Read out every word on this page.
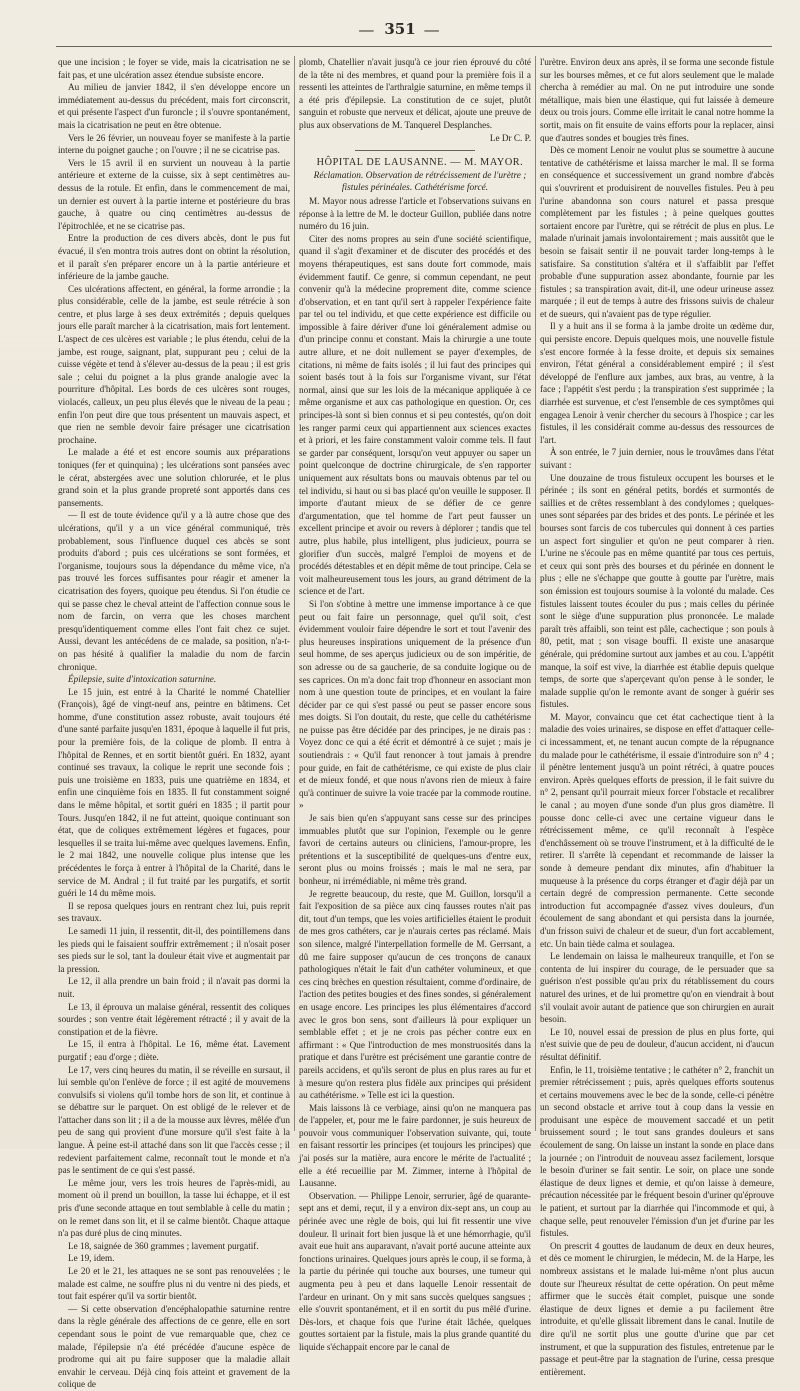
— 351 —

que une incision ; le foyer se vide, mais la cicatrisation ne se fait pas, et une ulcération assez étendue subsiste encore.

Au milieu de janvier 1842, il s'en développe encore un immédiatement au-dessus du précédent, mais fort circonscrit, et qui présente l'aspect d'un furoncle ; il s'ouvre spontanément, mais la cicatrisation ne peut en être obtenue.

Vers le 26 février, un nouveau foyer se manifeste à la partie interne du poignet gauche ; on l'ouvre ; il ne se cicatrise pas.

Vers le 15 avril il en survient un nouveau à la partie antérieure et externe de la cuisse, six à sept centimètres au-dessus de la rotule. Et enfin, dans le commencement de mai, un dernier est ouvert à la partie interne et postérieure du bras gauche, à quatre ou cinq centimètres au-dessus de l'épitrochlée, et ne se cicatrise pas.

Entre la production de ces divers abcès, dont le pus fut évacué, il s'en montra trois autres dont on obtint la résolution, et il paraît s'en préparer encore un à la partie antérieure et inférieure de la jambe gauche.

Ces ulcérations affectent, en général, la forme arrondie ; la plus considérable, celle de la jambe, est seule rétrécie à son centre, et plus large à ses deux extrémités ; depuis quelques jours elle paraît marcher à la cicatrisation, mais fort lentement. L'aspect de ces ulcères est variable ; le plus étendu, celui de la jambe, est rouge, saignant, plat, suppurant peu ; celui de la cuisse végète et tend à s'élever au-dessus de la peau ; il est gris sale ; celui du poignet a la plus grande analogie avec la pourriture d'hôpital. Les bords de ces ulcères sont rouges, violacés, calleux, un peu plus élevés que le niveau de la peau ; enfin l'on peut dire que tous présentent un mauvais aspect, et que rien ne semble devoir faire présager une cicatrisation prochaine.

Le malade a été et est encore soumis aux préparations toniques (fer et quinquina) ; les ulcérations sont pansées avec le cérat, abstergées avec une solution chlorurée, et le plus grand soin et la plus grande propreté sont apportés dans ces pansements.

— Il est de toute évidence qu'il y a là autre chose que des ulcérations, qu'il y a un vice général communiqué, très probablement, sous l'influence duquel ces abcès se sont produits d'abord ; puis ces ulcérations se sont formées, et l'organisme, toujours sous la dépendance du même vice, n'a pas trouvé les forces suffisantes pour réagir et amener la cicatrisation des foyers, quoique peu étendus. Si l'on étudie ce qui se passe chez le cheval atteint de l'affection connue sous le nom de farcin, on verra que les choses marchent presqu'identiquement comme elles l'ont fait chez ce sujet. Aussi, devant les antécédens de ce malade, sa position, n'a-t-on pas hésité à qualifier la maladie du nom de farcin chronique.

Épilepsie, suite d'intoxication saturnine.

Le 15 juin, est entré à la Charité le nommé Chatellier (François), âgé de vingt-neuf ans, peintre en bâtimens. Cet homme, d'une constitution assez robuste, avait toujours été d'une santé parfaite jusqu'en 1831, époque à laquelle il fut pris, pour la première fois, de la colique de plomb. Il entra à l'hôpital de Rennes, et en sortit bientôt guéri. En 1832, ayant continué ses travaux, la colique le reprit une seconde fois ; puis une troisième en 1833, puis une quatrième en 1834, et enfin une cinquième fois en 1835. Il fut constamment soigné dans le même hôpital, et sortit guéri en 1835 ; il partit pour Tours. Jusqu'en 1842, il ne fut atteint, quoique continuant son état, que de coliques extrêmement légères et fugaces, pour lesquelles il se traita lui-même avec quelques lavemens. Enfin, le 2 mai 1842, une nouvelle colique plus intense que les précédentes le força à entrer à l'hôpital de la Charité, dans le service de M. Andral ; il fut traité par les purgatifs, et sortit guéri le 14 du même mois.

Il se reposa quelques jours en rentrant chez lui, puis reprit ses travaux.

Le samedi 11 juin, il ressentit, dit-il, des pointillemens dans les pieds qui le faisaient souffrir extrêmement ; il n'osait poser ses pieds sur le sol, tant la douleur était vive et augmentait par la pression.

Le 12, il alla prendre un bain froid ; il n'avait pas dormi la nuit.

Le 13, il éprouva un malaise général, ressentit des coliques sourdes ; son ventre était légèrement rétracté ; il y avait de la constipation et de la fièvre.

Le 15, il entra à l'hôpital. Le 16, même état. Lavement purgatif ; eau d'orge ; diète.

Le 17, vers cinq heures du matin, il se réveille en sursaut, il lui semble qu'on l'enlève de force ; il est agité de mouvemens convulsifs si violens qu'il tombe hors de son lit, et continue à se débattre sur le parquet. On est obligé de le relever et de l'attacher dans son lit ; il a de la mousse aux lèvres, mêlée d'un peu de sang qui provient d'une morsure qu'il s'est faite à la langue. À peine est-il attaché dans son lit que l'accès cesse ; il redevient parfaitement calme, reconnaît tout le monde et n'a pas le sentiment de ce qui s'est passé.

Le même jour, vers les trois heures de l'après-midi, au moment où il prend un bouillon, la tasse lui échappe, et il est pris d'une seconde attaque en tout semblable à celle du matin ; on le remet dans son lit, et il se calme bientôt. Chaque attaque n'a pas duré plus de cinq minutes.

Le 18, saignée de 360 grammes ; lavement purgatif.

Le 19, idem.

Le 20 et le 21, les attaques ne se sont pas renouvelées ; le malade est calme, ne souffre plus ni du ventre ni des pieds, et tout fait espérer qu'il va sortir bientôt.

— Si cette observation d'encéphalopathie saturnine rentre dans la règle générale des affections de ce genre, elle en sort cependant sous le point de vue remarquable que, chez ce malade, l'épilepsie n'a été précédée d'aucune espèce de prodrome qui ait pu faire supposer que la maladie allait envahir le cerveau. Déjà cinq fois atteint et gravement de la colique de

plomb, Chatellier n'avait jusqu'à ce jour rien éprouvé du côté de la tête ni des membres, et quand pour la première fois il a ressenti les atteintes de l'arthralgie saturnine, en même temps il a été pris d'épilepsie. La constitution de ce sujet, plutôt sanguin et robuste que nerveux et délicat, ajoute une preuve de plus aux observations de M. Tanquerel Desplanches.

Le Dr C. P.

HÔPITAL DE LAUSANNE. — M. MAYOR.

Réclamation. Observation de rétrécissement de l'urètre ; fistules périnéales. Cathétérisme forcé.

M. Mayor nous adresse l'article et l'observations suivans en réponse à la lettre de M. le docteur Guillon, publiée dans notre numéro du 16 juin.

Citer des noms propres au sein d'une société scientifique, quand il s'agit d'examiner et de discuter des procédés et des moyens thérapeutiques, est sans doute fort commode, mais évidemment fautif. Ce genre, si commun cependant, ne peut convenir qu'à la médecine proprement dite, comme science d'observation, et en tant qu'il sert à rappeler l'expérience faite par tel ou tel individu, et que cette expérience est difficile ou impossible à faire dériver d'une loi généralement admise ou d'un principe connu et constant. Mais la chirurgie a une toute autre allure, et ne doit nullement se payer d'exemples, de citations, ni même de faits isolés ; il lui faut des principes qui soient basés tout à la fois sur l'organisme vivant, sur l'état normal, ainsi que sur les lois de la mécanique appliquée à ce même organisme et aux cas pathologique en question. Or, ces principes-là sont si bien connus et si peu contestés, qu'on doit les ranger parmi ceux qui appartiennent aux sciences exactes et à priori, et les faire constamment valoir comme tels. Il faut se garder par conséquent, lorsqu'on veut appuyer ou saper un point quelconque de doctrine chirurgicale, de s'en rapporter uniquement aux résultats bons ou mauvais obtenus par tel ou tel individu, si haut ou si bas placé qu'on veuille le supposer. Il importe d'autant mieux de se défier de ce genre d'argumentation, que tel homme de l'art peut fausser un excellent principe et avoir ou revers à déplorer ; tandis que tel autre, plus habile, plus intelligent, plus judicieux, pourra se glorifier d'un succès, malgré l'emploi de moyens et de procédés détestables et en dépit même de tout principe. Cela se voit malheureusement tous les jours, au grand détriment de la science et de l'art.

Si l'on s'obtine à mettre une immense importance à ce que peut ou fait faire un personnage, quel qu'il soit, c'est évidemment vouloir faire dépendre le sort et tout l'avenir des plus heureuses inspirations uniquement de la présence d'un seul homme, de ses aperçus judicieux ou de son impéritie, de son adresse ou de sa gaucherie, de sa conduite logique ou de ses caprices. On m'a donc fait trop d'honneur en associant mon nom à une question toute de principes, et en voulant la faire décider par ce qui s'est passé ou peut se passer encore sous mes doigts. Si l'on doutait, du reste, que celle du cathétérisme ne puisse pas être décidée par des principes, je ne dirais pas : Voyez donc ce qui a été écrit et démontré à ce sujet ; mais je soutiendrais : « Qu'il faut renoncer à tout jamais à prendre pour guide, en fait de cathétérisme, ce qui existe de plus clair et de mieux fondé, et que nous n'avons rien de mieux à faire qu'à continuer de suivre la voie tracée par la commode routine. »

Je sais bien qu'en s'appuyant sans cesse sur des principes immuables plutôt que sur l'opinion, l'exemple ou le genre favori de certains auteurs ou cliniciens, l'amour-propre, les prétentions et la susceptibilité de quelques-uns d'entre eux, seront plus ou moins froissés ; mais le mal ne sera, par bonheur, ni irrémédiable, ni même très grand.

Je regrette beaucoup, du reste, que M. Guillon, lorsqu'il a fait l'exposition de sa pièce aux cinq fausses routes n'ait pas dit, tout d'un temps, que les voies artificielles étaient le produit de mes gros cathéters, car je n'aurais certes pas réclamé. Mais son silence, malgré l'interpellation formelle de M. Gerrsant, a dû me faire supposer qu'aucun de ces tronçons de canaux pathologiques n'était le fait d'un cathéter volumineux, et que ces cinq brèches en question résultaient, comme d'ordinaire, de l'action des petites bougies et des fines sondes, si généralement en usage encore. Les principes les plus élémentaires d'accord avec le gros bon sens, sont d'ailleurs là pour expliquer un semblable effet ; et je ne crois pas pécher contre eux en affirmant : « Que l'introduction de mes monstruosités dans la pratique et dans l'urètre est précisément une garantie contre de pareils accidens, et qu'ils seront de plus en plus rares au fur et à mesure qu'on restera plus fidèle aux principes qui président au cathétérisme. » Telle est ici la question.

Mais laissons là ce verbiage, ainsi qu'on ne manquera pas de l'appeler, et, pour me le faire pardonner, je suis heureux de pouvoir vous communiquer l'observation suivante, qui, toute en faisant ressortir les principes (et toujours les principes) que j'ai posés sur la matière, aura encore le mérite de l'actualité ; elle a été recueillie par M. Zimmer, interne à l'hôpital de Lausanne.

Observation. — Philippe Lenoir, serrurier, âgé de quarante-sept ans et demi, reçut, il y a environ dix-sept ans, un coup au périnée avec une règle de bois, qui lui fit ressentir une vive douleur. Il urinait fort bien jusque là et une hémorrhagie, qu'il avait eue huit ans auparavant, n'avait porté aucune atteinte aux fonctions urinaires. Quelques jours après le coup, il se forma, à la partie du périnée qui touche aux bourses, une tumeur qui augmenta peu à peu et dans laquelle Lenoir ressentait de l'ardeur en urinant. On y mit sans succès quelques sangsues ; elle s'ouvrit spontanément, et il en sortit du pus mêlé d'urine. Dès-lors, et chaque fois que l'urine était lâchée, quelques gouttes sortaient par la fistule, mais la plus grande quantité du liquide s'échappait encore par le canal de

l'urètre. Environ deux ans après, il se forma une seconde fistule sur les bourses mêmes, et ce fut alors seulement que le malade chercha à remédier au mal. On ne put introduire une sonde métallique, mais bien une élastique, qui fut laissée à demeure deux ou trois jours. Comme elle irritait le canal notre homme la sortit, mais on fit ensuite de vains efforts pour la replacer, ainsi que d'autres sondes et bougies très fines.

Dès ce moment Lenoir ne voulut plus se soumettre à aucune tentative de cathétérisme et laissa marcher le mal. Il se forma en conséquence et successivement un grand nombre d'abcès qui s'ouvrirent et produisirent de nouvelles fistules. Peu à peu l'urine abandonna son cours naturel et passa presque complètement par les fistules ; à peine quelques gouttes sortaient encore par l'urètre, qui se rétrécit de plus en plus. Le malade n'urinait jamais involontairement ; mais aussitôt que le besoin se faisait sentir il ne pouvait tarder long-temps à le satisfaire. Sa constitution s'altéra et il s'affaiblit par l'effet probable d'une suppuration assez abondante, fournie par les fistules ; sa transpiration avait, dit-il, une odeur urineuse assez marquée ; il eut de temps à autre des frissons suivis de chaleur et de sueurs, qui n'avaient pas de type régulier.

Il y a huit ans il se forma à la jambe droite un œdème dur, qui persiste encore. Depuis quelques mois, une nouvelle fistule s'est encore formée à la fesse droite, et depuis six semaines environ, l'état général a considérablement empiré ; il s'est développé de l'enflure aux jambes, aux bras, au ventre, à la face ; l'appétit s'est perdu ; la transpiration s'est supprimée ; la diarrhée est survenue, et c'est l'ensemble de ces symptômes qui engagea Lenoir à venir chercher du secours à l'hospice ; car les fistules, il les considérait comme au-dessus des ressources de l'art.

À son entrée, le 7 juin dernier, nous le trouvâmes dans l'état suivant :

Une douzaine de trous fistuleux occupent les bourses et le périnée ; ils sont en général petits, bordés et surmontés de saillies et de crêtes ressemblant à des condylomes ; quelques-unes sont séparées par des brides et des ponts. Le périnée et les bourses sont farcis de cos tubercules qui donnent à ces parties un aspect fort singulier et qu'on ne peut comparer à rien. L'urine ne s'écoule pas en même quantité par tous ces pertuis, et ceux qui sont près des bourses et du périnée en donnent le plus ; elle ne s'échappe que goutte à goutte par l'urètre, mais son émission est toujours soumise à la volonté du malade. Ces fistules laissent toutes écouler du pus ; mais celles du périnée sont le siège d'une suppuration plus prononcée. Le malade paraît très affaibli, son teint est pâle, cachectique ; son pouls à 80, petit, mat ; son visage bouffi. Il existe une anasarque générale, qui prédomine surtout aux jambes et au cou. L'appétit manque, la soif est vive, la diarrhée est établie depuis quelque temps, de sorte que s'aperçevant qu'on pense à le sonder, le malade supplie qu'on le remonte avant de songer à guérir ses fistules.

M. Mayor, convaincu que cet état cachectique tient à la maladie des voies urinaires, se dispose en effet d'attaquer celle-ci incessamment, et, ne tenant aucun compte de la répugnance du malade pour le cathétérisme, il essaie d'introduire son n° 4 ; il pénètre lentement jusqu'à un point rétréci, à quatre pouces environ. Après quelques efforts de pression, il le fait suivre du n° 2, pensant qu'il pourrait mieux forcer l'obstacle et recalibrer le canal ; au moyen d'une sonde d'un plus gros diamètre. Il pousse donc celle-ci avec une certaine vigueur dans le rétrécissement même, ce qu'il reconnaît à l'espèce d'enchâssement où se trouve l'instrument, et à la difficulté de le retirer. Il s'arrête là cependant et recommande de laisser la sonde à demeure pendant dix minutes, afin d'habituer la muqueuse à la présence du corps étranger et d'agir déjà par un certain degré de compression permanente. Cette seconde introduction fut accompagnée d'assez vives douleurs, d'un écoulement de sang abondant et qui persista dans la journée, d'un frisson suivi de chaleur et de sueur, d'un fort accablement, etc. Un bain tiède calma et soulagea.

Le lendemain on laissa le malheureux tranquille, et l'on se contenta de lui inspirer du courage, de le persuader que sa guérison n'est possible qu'au prix du rétablissement du cours naturel des urines, et de lui promettre qu'on en viendrait à bout s'il voulait avoir autant de patience que son chirurgien en aurait besoin.

Le 10, nouvel essai de pression de plus en plus forte, qui n'est suivie que de peu de douleur, d'aucun accident, ni d'aucun résultat définitif.

Enfin, le 11, troisième tentative ; le cathéter n° 2, franchit un premier rétrécissement ; puis, après quelques efforts soutenus et certains mouvemens avec le bec de la sonde, celle-ci pénètre un second obstacle et arrive tout à coup dans la vessie en produisant une espèce de mouvement saccadé et un petit bruissement sourd ; le tout sans grandes douleurs et sans écoulement de sang. On laisse un instant la sonde en place dans la journée ; on l'introduit de nouveau assez facilement, lorsque le besoin d'uriner se fait sentir. Le soir, on place une sonde élastique de deux lignes et demie, et qu'on laisse à demeure, précaution nécessitée par le fréquent besoin d'uriner qu'éprouve le patient, et surtout par la diarrhée qui l'incommode et qui, à chaque selle, peut renouveler l'émission d'un jet d'urine par les fistules.

On prescrit 4 gouttes de laudanum de deux en deux heures, et dès ce moment le chirurgien, le médecin, M. de la Harpe, les nombreux assistans et le malade lui-même n'ont plus aucun doute sur l'heureux résultat de cette opération. On peut même affirmer que le succès était complet, puisque une sonde élastique de deux lignes et demie a pu facilement être introduite, et qu'elle glissait librement dans le canal. Inutile de dire qu'il ne sortit plus une goutte d'urine que par cet instrument, et que la suppuration des fistules, entretenue par le passage et peut-être par la stagnation de l'urine, cessa presque entièrement.
